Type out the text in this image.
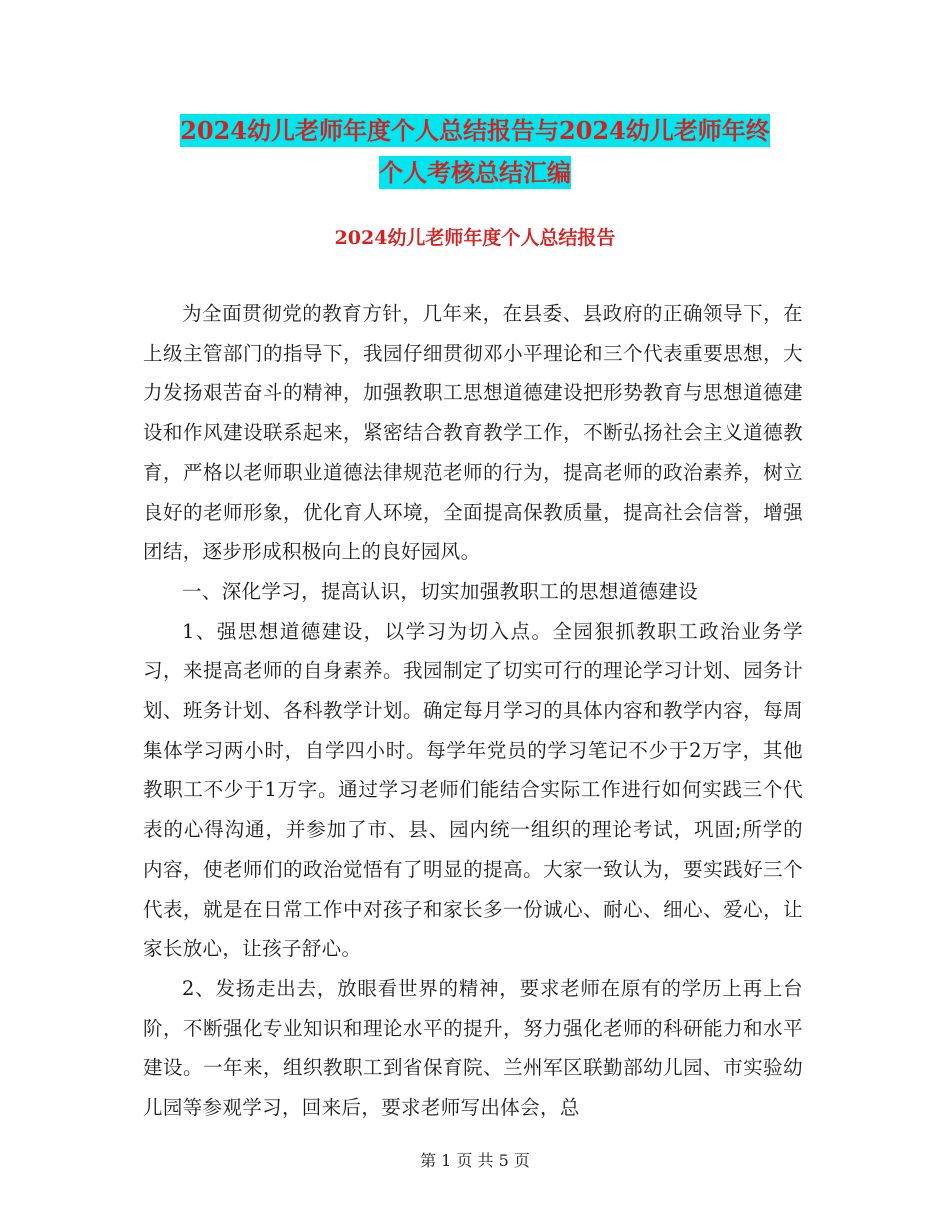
2024幼儿老师年度个人总结报告与2024幼儿老师年终
个人考核总结汇编
2024幼儿老师年度个人总结报告

为全面贯彻党的教育方针，几年来，在县委、县政府的正确领导下，在上级主管部门的指导下，我园仔细贯彻邓小平理论和三个代表重要思想，大力发扬艰苦奋斗的精神，加强教职工思想道德建设把形势教育与思想道德建设和作风建设联系起来，紧密结合教育教学工作，不断弘扬社会主义道德教育，严格以老师职业道德法律规范老师的行为，提高老师的政治素养，树立良好的老师形象，优化育人环境，全面提高保教质量，提高社会信誉，增强团结，逐步形成积极向上的良好园风。

一、深化学习，提高认识，切实加强教职工的思想道德建设

1、强思想道德建设，以学习为切入点。全园狠抓教职工政治业务学习，来提高老师的自身素养。我园制定了切实可行的理论学习计划、园务计划、班务计划、各科教学计划。确定每月学习的具体内容和教学内容，每周集体学习两小时，自学四小时。每学年党员的学习笔记不少于2万字，其他教职工不少于1万字。通过学习老师们能结合实际工作进行如何实践三个代表的心得沟通，并参加了市、县、园内统一组织的理论考试，巩固;所学的内容，使老师们的政治觉悟有了明显的提高。大家一致认为，要实践好三个代表，就是在日常工作中对孩子和家长多一份诚心、耐心、细心、爱心，让家长放心，让孩子舒心。

2、发扬走出去，放眼看世界的精神，要求老师在原有的学历上再上台阶，不断强化专业知识和理论水平的提升，努力强化老师的科研能力和水平建设。一年来，组织教职工到省保育院、兰州军区联勤部幼儿园、市实验幼儿园等参观学习，回来后，要求老师写出体会，总

第 1 页 共 5 页
